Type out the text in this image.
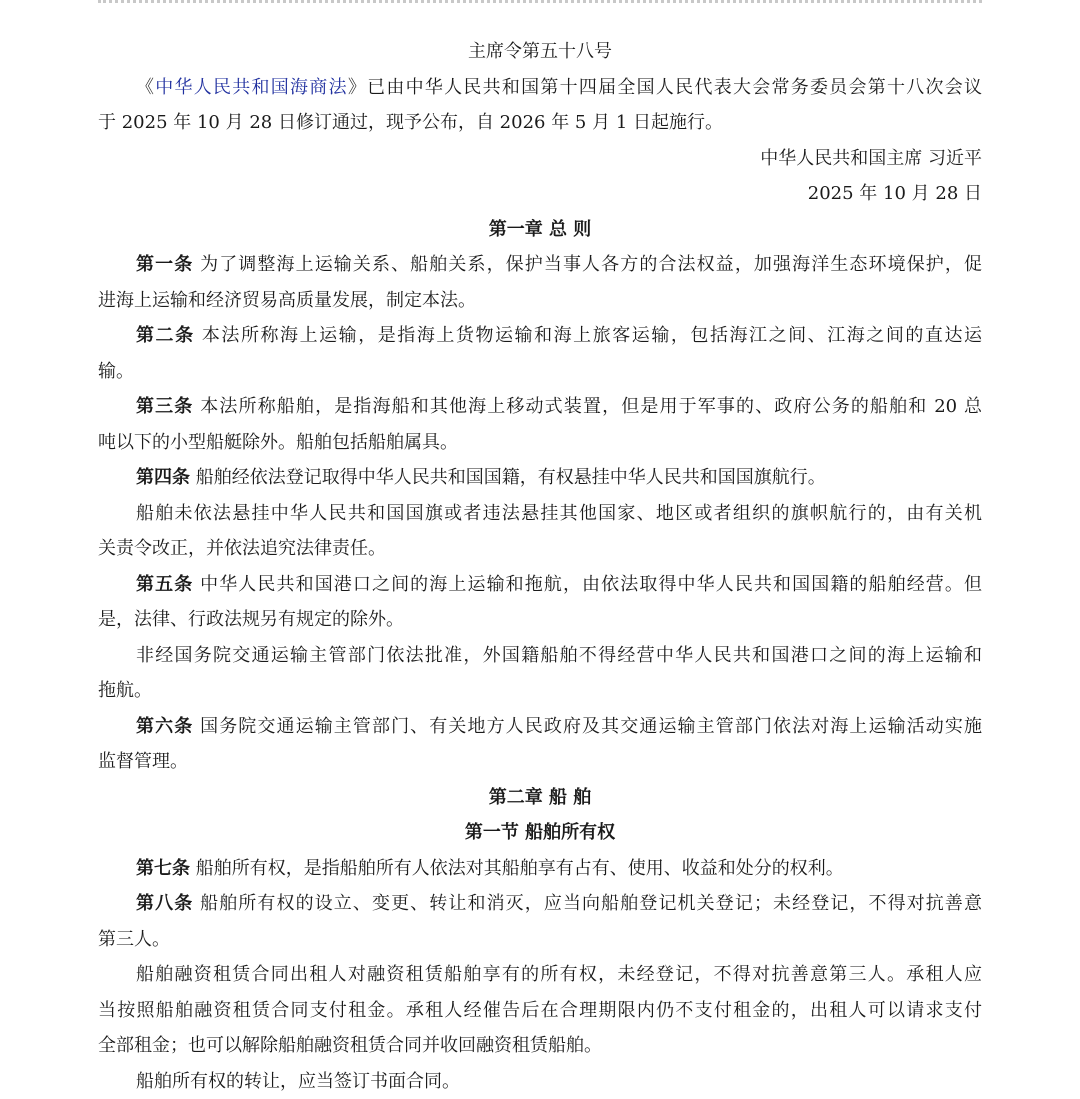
主席令第五十八号

《中华人民共和国海商法》已由中华人民共和国第十四届全国人民代表大会常务委员会第十八次会议

于 2025 年 10 月 28 日修订通过，现予公布，自 2026 年 5 月 1 日起施行。

中华人民共和国主席 习近平

2025 年 10 月 28 日

第一章 总 则

第一条 为了调整海上运输关系、船舶关系，保护当事人各方的合法权益，加强海洋生态环境保护，促

进海上运输和经济贸易高质量发展，制定本法。

第二条 本法所称海上运输，是指海上货物运输和海上旅客运输，包括海江之间、江海之间的直达运

输。

第三条 本法所称船舶，是指海船和其他海上移动式装置，但是用于军事的、政府公务的船舶和 20 总

吨以下的小型船艇除外。船舶包括船舶属具。

第四条 船舶经依法登记取得中华人民共和国国籍，有权悬挂中华人民共和国国旗航行。

船舶未依法悬挂中华人民共和国国旗或者违法悬挂其他国家、地区或者组织的旗帜航行的，由有关机

关责令改正，并依法追究法律责任。

第五条 中华人民共和国港口之间的海上运输和拖航，由依法取得中华人民共和国国籍的船舶经营。但

是，法律、行政法规另有规定的除外。

非经国务院交通运输主管部门依法批准，外国籍船舶不得经营中华人民共和国港口之间的海上运输和

拖航。

第六条 国务院交通运输主管部门、有关地方人民政府及其交通运输主管部门依法对海上运输活动实施

监督管理。

第二章 船 舶

第一节 船舶所有权

第七条 船舶所有权，是指船舶所有人依法对其船舶享有占有、使用、收益和处分的权利。

第八条 船舶所有权的设立、变更、转让和消灭，应当向船舶登记机关登记；未经登记，不得对抗善意

第三人。

船舶融资租赁合同出租人对融资租赁船舶享有的所有权，未经登记，不得对抗善意第三人。承租人应

当按照船舶融资租赁合同支付租金。承租人经催告后在合理期限内仍不支付租金的，出租人可以请求支付

全部租金；也可以解除船舶融资租赁合同并收回融资租赁船舶。

船舶所有权的转让，应当签订书面合同。
